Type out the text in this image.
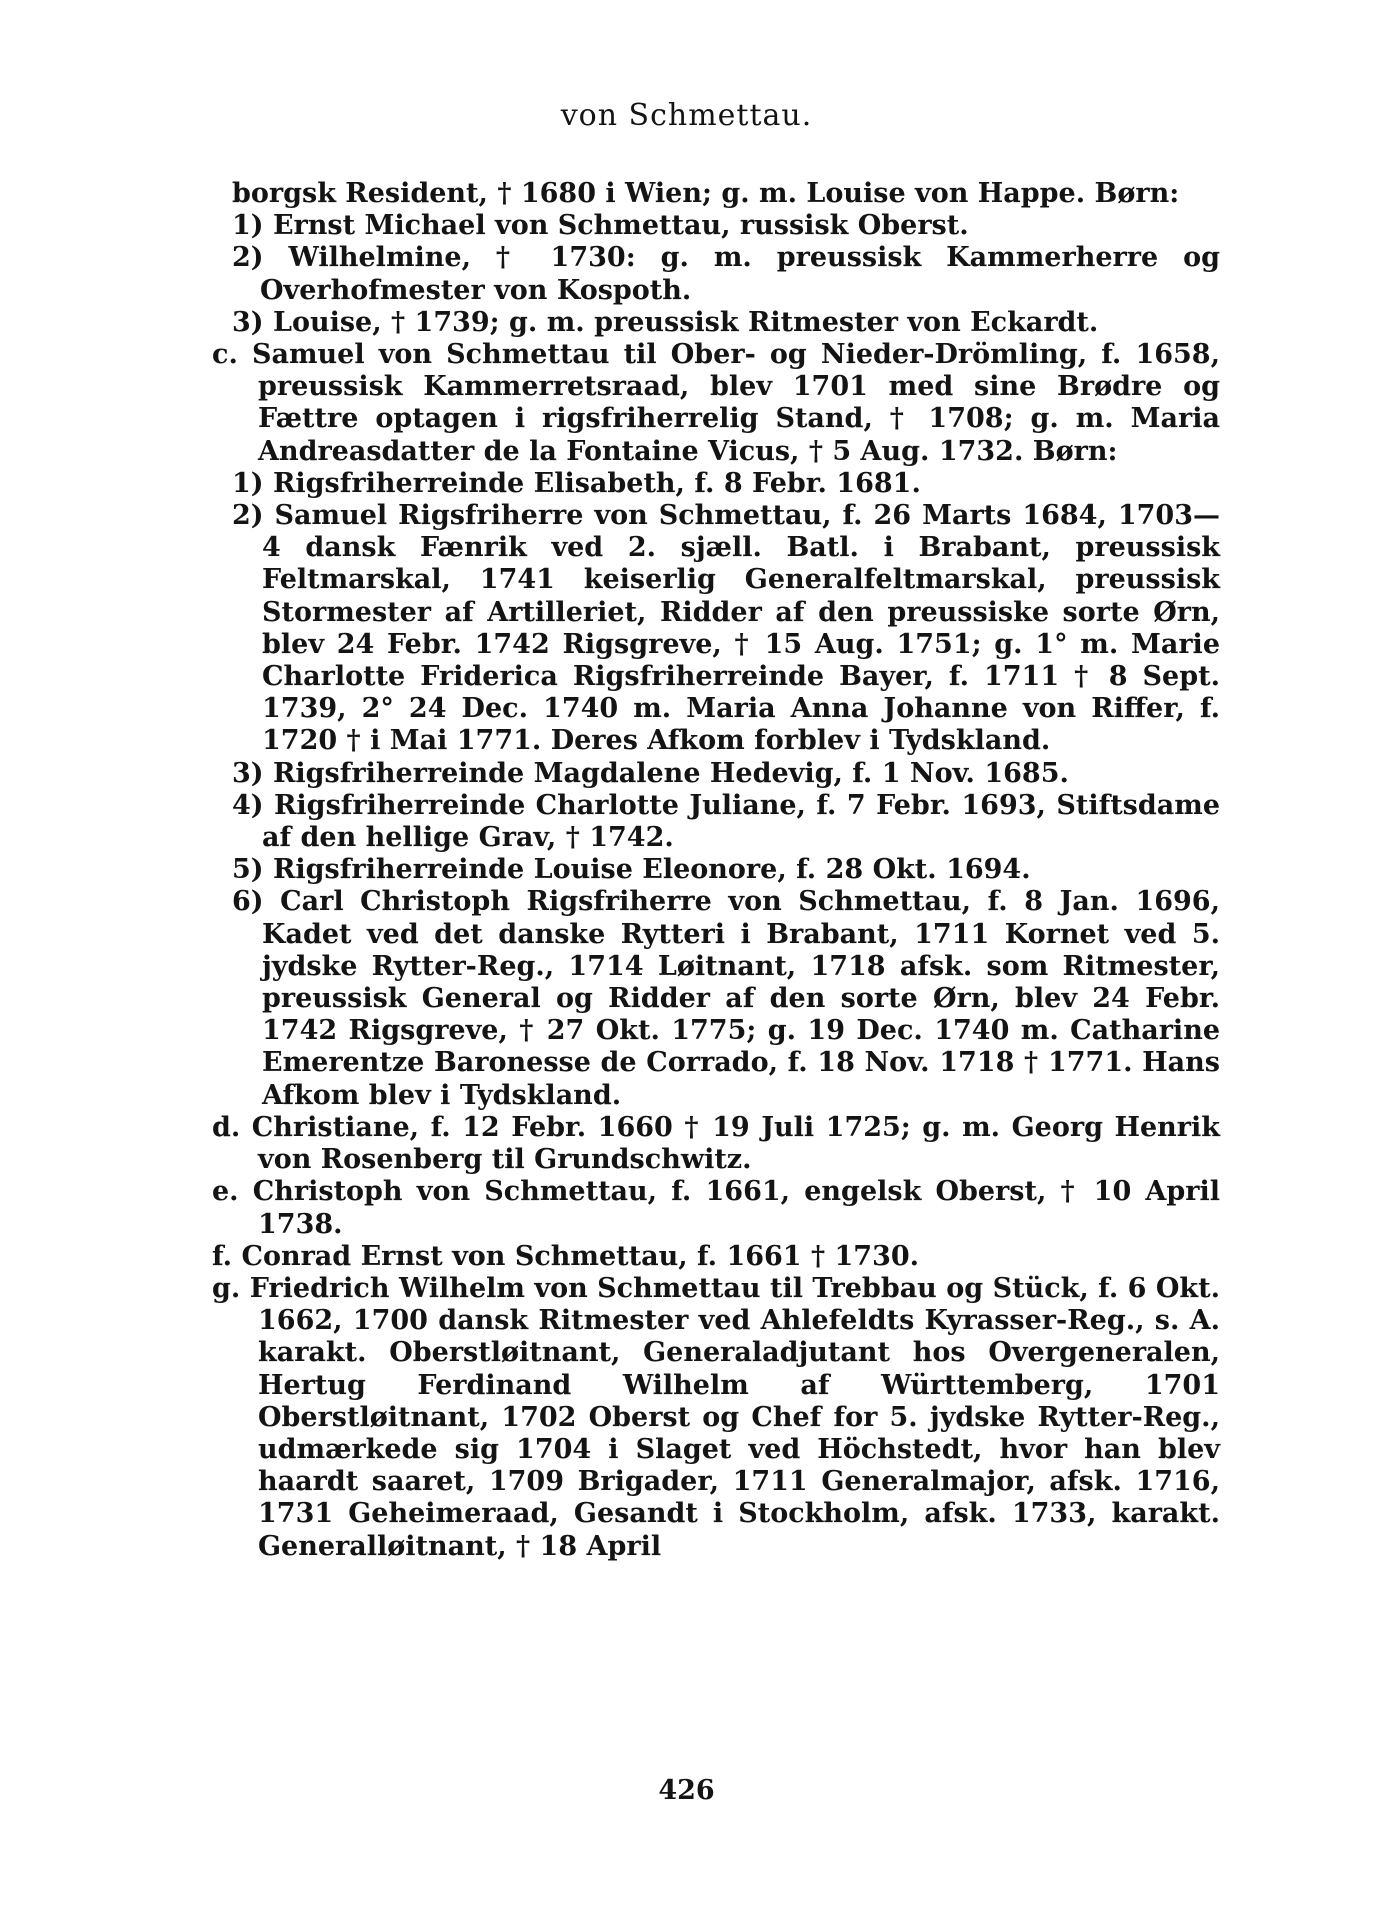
von Schmettau.
borgsk Resident, † 1680 i Wien; g. m. Louise von Happe. Børn:
1) Ernst Michael von Schmettau, russisk Oberst.
2) Wilhelmine, † 1730: g. m. preussisk Kammerherre og Overhofmester von Kospoth.
3) Louise, † 1739; g. m. preussisk Ritmester von Eckardt.
c. Samuel von Schmettau til Ober- og Nieder-Drömling, f. 1658, preussisk Kammerretsraad, blev 1701 med sine Brødre og Fættre optagen i rigsfriherrelig Stand, † 1708; g. m. Maria Andreasdatter de la Fontaine Vicus, † 5 Aug. 1732. Børn:
1) Rigsfriherreinde Elisabeth, f. 8 Febr. 1681.
2) Samuel Rigsfriherre von Schmettau, f. 26 Marts 1684, 1703—4 dansk Fænrik ved 2. sjæll. Batl. i Brabant, preussisk Feltmarskal, 1741 keiserlig Generalfeltmarskal, preussisk Stormester af Artilleriet, Ridder af den preussiske sorte Ørn, blev 24 Febr. 1742 Rigsgreve, † 15 Aug. 1751; g. 1° m. Marie Charlotte Friderica Rigsfriherreinde Bayer, f. 1711 † 8 Sept. 1739, 2° 24 Dec. 1740 m. Maria Anna Johanne von Riffer, f. 1720 † i Mai 1771. Deres Afkom forblev i Tydskland.
3) Rigsfriherreinde Magdalene Hedevig, f. 1 Nov. 1685.
4) Rigsfriherreinde Charlotte Juliane, f. 7 Febr. 1693, Stiftsdame af den hellige Grav, † 1742.
5) Rigsfriherreinde Louise Eleonore, f. 28 Okt. 1694.
6) Carl Christoph Rigsfriherre von Schmettau, f. 8 Jan. 1696, Kadet ved det danske Rytteri i Brabant, 1711 Kornet ved 5. jydske Rytter-Reg., 1714 Løitnant, 1718 afsk. som Ritmester, preussisk General og Ridder af den sorte Ørn, blev 24 Febr. 1742 Rigsgreve, † 27 Okt. 1775; g. 19 Dec. 1740 m. Catharine Emerentze Baronesse de Corrado, f. 18 Nov. 1718 † 1771. Hans Afkom blev i Tydskland.
d. Christiane, f. 12 Febr. 1660 † 19 Juli 1725; g. m. Georg Henrik von Rosenberg til Grundschwitz.
e. Christoph von Schmettau, f. 1661, engelsk Oberst, † 10 April 1738.
f. Conrad Ernst von Schmettau, f. 1661 † 1730.
g. Friedrich Wilhelm von Schmettau til Trebbau og Stück, f. 6 Okt. 1662, 1700 dansk Ritmester ved Ahlefeldts Kyrasser-Reg., s. A. karakt. Oberstløitnant, Generaladjutant hos Overgeneralen, Hertug Ferdinand Wilhelm af Württemberg, 1701 Oberstløitnant, 1702 Oberst og Chef for 5. jydske Rytter-Reg., udmærkede sig 1704 i Slaget ved Höchstedt, hvor han blev haardt saaret, 1709 Brigader, 1711 Generalmajor, afsk. 1716, 1731 Geheimeraad, Gesandt i Stockholm, afsk. 1733, karakt. Generalløitnant, † 18 April
426
